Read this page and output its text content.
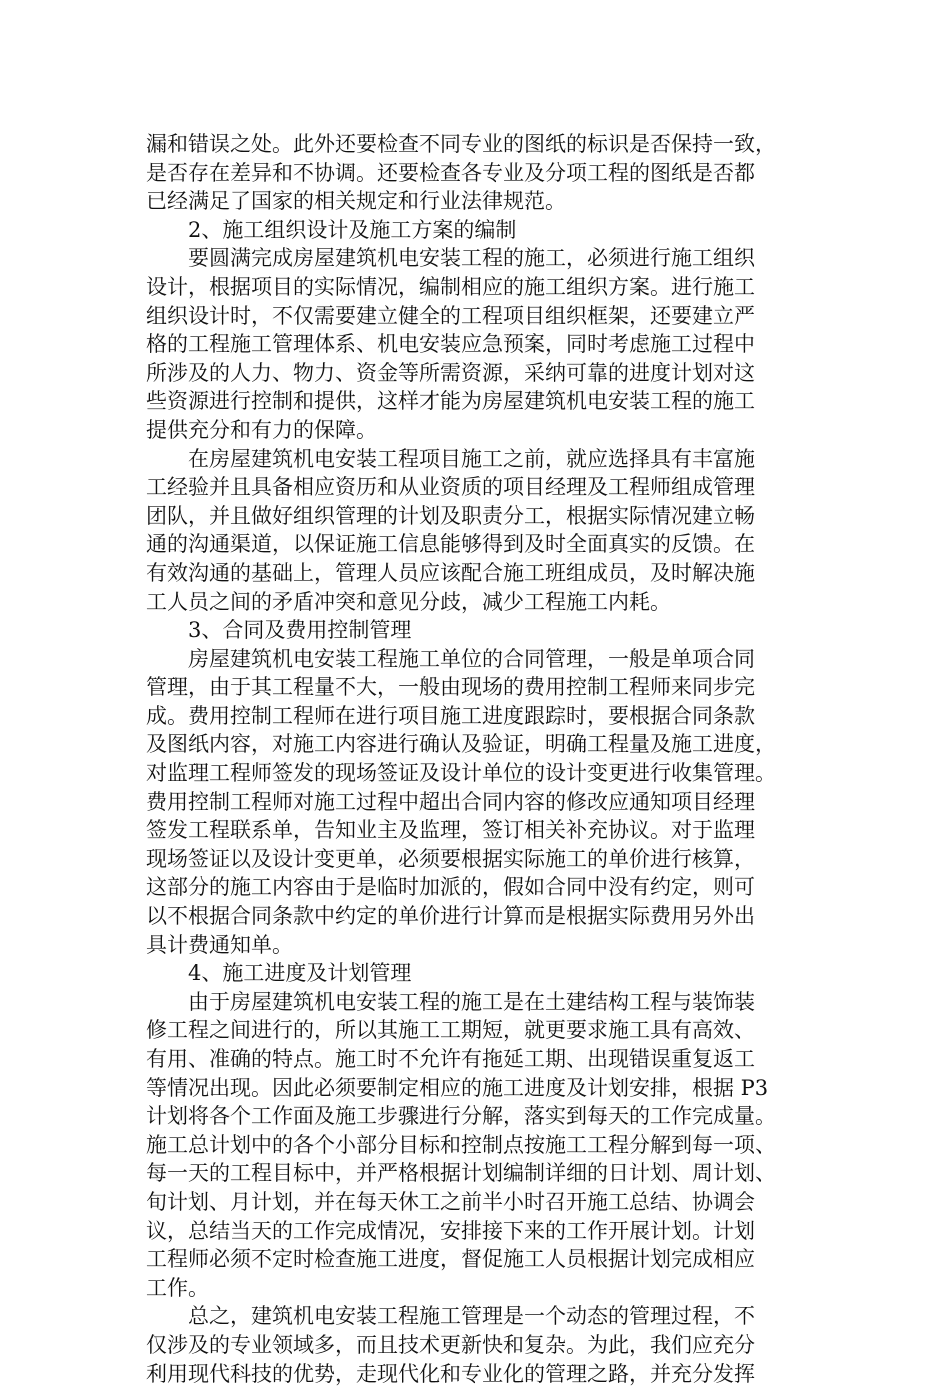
漏和错误之处。此外还要检查不同专业的图纸的标识是否保持一致，
是否存在差异和不协调。还要检查各专业及分项工程的图纸是否都
已经满足了国家的相关规定和行业法律规范。
2、施工组织设计及施工方案的编制
要圆满完成房屋建筑机电安装工程的施工，必须进行施工组织
设计，根据项目的实际情况，编制相应的施工组织方案。进行施工
组织设计时，不仅需要建立健全的工程项目组织框架，还要建立严
格的工程施工管理体系、机电安装应急预案，同时考虑施工过程中
所涉及的人力、物力、资金等所需资源，采纳可靠的进度计划对这
些资源进行控制和提供，这样才能为房屋建筑机电安装工程的施工
提供充分和有力的保障。
在房屋建筑机电安装工程项目施工之前，就应选择具有丰富施
工经验并且具备相应资历和从业资质的项目经理及工程师组成管理
团队，并且做好组织管理的计划及职责分工，根据实际情况建立畅
通的沟通渠道，以保证施工信息能够得到及时全面真实的反馈。在
有效沟通的基础上，管理人员应该配合施工班组成员，及时解决施
工人员之间的矛盾冲突和意见分歧，减少工程施工内耗。
3、合同及费用控制管理
房屋建筑机电安装工程施工单位的合同管理，一般是单项合同
管理，由于其工程量不大，一般由现场的费用控制工程师来同步完
成。费用控制工程师在进行项目施工进度跟踪时，要根据合同条款
及图纸内容，对施工内容进行确认及验证，明确工程量及施工进度，
对监理工程师签发的现场签证及设计单位的设计变更进行收集管理。
费用控制工程师对施工过程中超出合同内容的修改应通知项目经理
签发工程联系单，告知业主及监理，签订相关补充协议。对于监理
现场签证以及设计变更单，必须要根据实际施工的单价进行核算，
这部分的施工内容由于是临时加派的，假如合同中没有约定，则可
以不根据合同条款中约定的单价进行计算而是根据实际费用另外出
具计费通知单。
4、施工进度及计划管理
由于房屋建筑机电安装工程的施工是在土建结构工程与装饰装
修工程之间进行的，所以其施工工期短，就更要求施工具有高效、
有用、准确的特点。施工时不允许有拖延工期、出现错误重复返工
等情况出现。因此必须要制定相应的施工进度及计划安排，根据 P3
计划将各个工作面及施工步骤进行分解，落实到每天的工作完成量。
施工总计划中的各个小部分目标和控制点按施工工程分解到每一项、
每一天的工程目标中，并严格根据计划编制详细的日计划、周计划、
旬计划、月计划，并在每天休工之前半小时召开施工总结、协调会
议，总结当天的工作完成情况，安排接下来的工作开展计划。计划
工程师必须不定时检查施工进度，督促施工人员根据计划完成相应
工作。
总之，建筑机电安装工程施工管理是一个动态的管理过程，不
仅涉及的专业领域多，而且技术更新快和复杂。为此，我们应充分
利用现代科技的优势，走现代化和专业化的管理之路，并充分发挥
